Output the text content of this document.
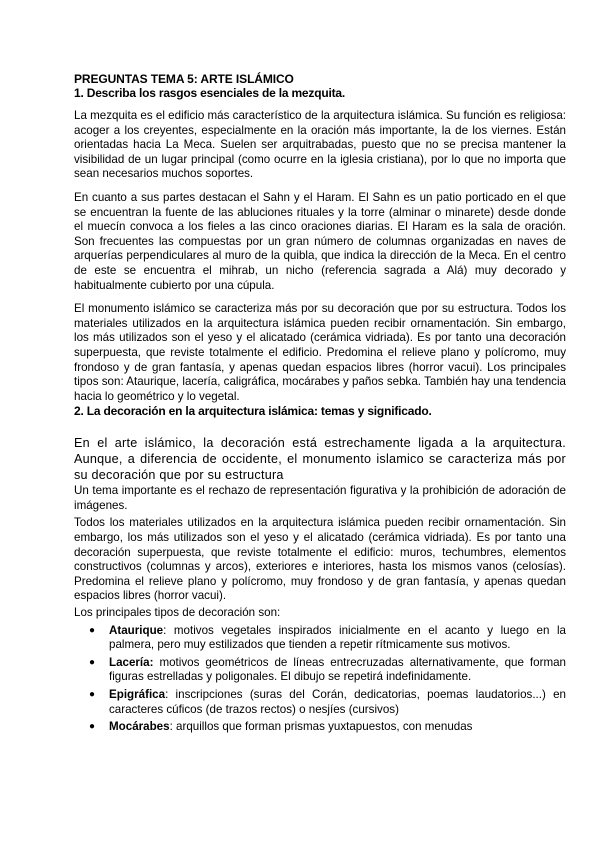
PREGUNTAS TEMA 5: ARTE ISLÁMICO
1. Describa los rasgos esenciales de la mezquita.

La mezquita es el edificio más característico de la arquitectura islámica. Su función es religiosa: acoger a los creyentes, especialmente en la oración más importante, la de los viernes. Están orientadas hacia La Meca. Suelen ser arquitrabadas, puesto que no se precisa mantener la visibilidad de un lugar principal (como ocurre en la iglesia cristiana), por lo que no importa que sean necesarios muchos soportes.

En cuanto a sus partes destacan el Sahn y el Haram. El Sahn es un patio porticado en el que se encuentran la fuente de las abluciones rituales y la torre (alminar o minarete) desde donde el muecín convoca a los fieles a las cinco oraciones diarias. El Haram es la sala de oración. Son frecuentes las compuestas por un gran número de columnas organizadas en naves de arquerías perpendiculares al muro de la quibla, que indica la dirección de la Meca. En el centro de este se encuentra el mihrab, un nicho (referencia sagrada a Alá) muy decorado y habitualmente cubierto por una cúpula.

El monumento islámico se caracteriza más por su decoración que por su estructura. Todos los materiales utilizados en la arquitectura islámica pueden recibir ornamentación. Sin embargo, los más utilizados son el yeso y el alicatado (cerámica vidriada). Es por tanto una decoración superpuesta, que reviste totalmente el edificio. Predomina el relieve plano y polícromo, muy frondoso y de gran fantasía, y apenas quedan espacios libres (horror vacui). Los principales tipos son: Ataurique, lacería, caligráfica, mocárabes y paños sebka. También hay una tendencia hacia lo geométrico y lo vegetal.

2. La decoración en la arquitectura islámica: temas y significado.

En el arte islámico, la decoración está estrechamente ligada a la arquitectura. Aunque, a diferencia de occidente, el monumento islamico se caracteriza más por su decoración que por su estructura

Un tema importante es el rechazo de representación figurativa y la prohibición de adoración de imágenes.

Todos los materiales utilizados en la arquitectura islámica pueden recibir ornamentación. Sin embargo, los más utilizados son el yeso y el alicatado (cerámica vidriada). Es por tanto una decoración superpuesta, que reviste totalmente el edificio: muros, techumbres, elementos constructivos (columnas y arcos), exteriores e interiores, hasta los mismos vanos (celosías). Predomina el relieve plano y polícromo, muy frondoso y de gran fantasía, y apenas quedan espacios libres (horror vacui).

Los principales tipos de decoración son:

● Ataurique: motivos vegetales inspirados inicialmente en el acanto y luego en la palmera, pero muy estilizados que tienden a repetir rítmicamente sus motivos.
● Lacería: motivos geométricos de líneas entrecruzadas alternativamente, que forman figuras estrelladas y poligonales. El dibujo se repetirá indefinidamente.
● Epigráfica: inscripciones (suras del Corán, dedicatorias, poemas laudatorios...) en caracteres cúficos (de trazos rectos) o nesjíes (cursivos)
● Mocárabes: arquillos que forman prismas yuxtapuestos, con menudas
